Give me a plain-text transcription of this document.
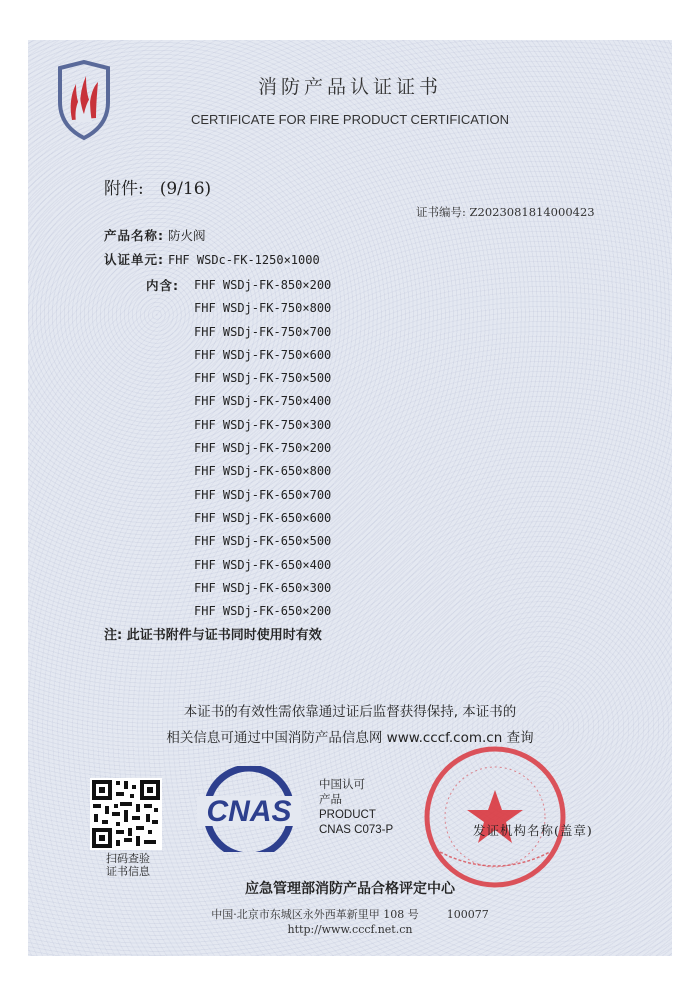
消防产品认证证书
CERTIFICATE FOR FIRE PRODUCT CERTIFICATION
附件: (9/16)
证书编号: Z2023081814000423
产品名称: 防火阀
认证单元: FHF WSDc-FK-1250×1000
内含: FHF WSDj-FK-850×200
FHF WSDj-FK-750×800
FHF WSDj-FK-750×700
FHF WSDj-FK-750×600
FHF WSDj-FK-750×500
FHF WSDj-FK-750×400
FHF WSDj-FK-750×300
FHF WSDj-FK-750×200
FHF WSDj-FK-650×800
FHF WSDj-FK-650×700
FHF WSDj-FK-650×600
FHF WSDj-FK-650×500
FHF WSDj-FK-650×400
FHF WSDj-FK-650×300
FHF WSDj-FK-650×200
注: 此证书附件与证书同时使用时有效
本证书的有效性需依靠通过证后监督获得保持, 本证书的
相关信息可通过中国消防产品信息网 www.cccf.com.cn 查询
扫码查验
证书信息
CNAS
中国认可
产品
PRODUCT
CNAS C073-P	发证机构名称(盖章)
应急管理部消防产品合格评定中心
中国·北京市东城区永外西革新里甲 108 号	100077
http://www.cccf.net.cn
